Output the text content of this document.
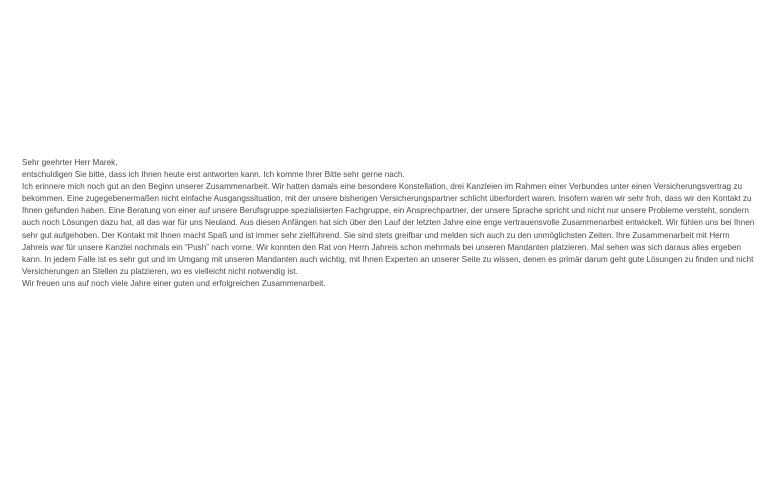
Sehr geehrter Herr Marek,

entschuldigen Sie bitte, dass ich Ihnen heute erst antworten kann. Ich komme Ihrer Bitte sehr gerne nach.

Ich erinnere mich noch gut an den Beginn unserer Zusammenarbeit. Wir hatten damals eine besondere Konstellation, drei Kanzleien im Rahmen einer Verbundes unter einen Versicherungsvertrag zu bekommen. Eine zugegebenermaßen nicht einfache Ausgangssituation, mit der unsere bisherigen Versicherungspartner schlicht überfordert waren. Insofern waren wir sehr froh, dass wir den Kontakt zu Ihnen gefunden haben. Eine Beratung von einer auf unsere Berufsgruppe spezialisierten Fachgruppe, ein Ansprechpartner, der unsere Sprache spricht und nicht nur unsere Probleme versteht, sondern auch noch Lösungen dazu hat, all das war für uns Neuland. Aus diesen Anfängen hat sich über den Lauf der letzten Jahre eine enge vertrauensvolle Zusammenarbeit entwickelt. Wir fühlen uns bei Ihnen sehr gut aufgehoben. Der Kontakt mit Ihnen macht Spaß und ist immer sehr zielführend. Sie sind stets greifbar und melden sich auch zu den unmöglichsten Zeiten. Ihre Zusammenarbeit mit Herrn Jahreis war für unsere Kanzlei nochmals ein “Push” nach vorne. Wir konnten den Rat von Herrn Jahreis schon mehrmals bei unseren Mandanten platzieren. Mal sehen was sich daraus alles ergeben kann. In jedem Falle ist es sehr gut und im Umgang mit unseren Mandanten auch wichtig, mit Ihnen Experten an unserer Seite zu wissen, denen es primär darum geht gute Lösungen zu finden und nicht Versicherungen an Stellen zu platzieren, wo es vielleicht nicht notwendig ist.

Wir freuen uns auf noch viele Jahre einer guten und erfolgreichen Zusammenarbeit.
